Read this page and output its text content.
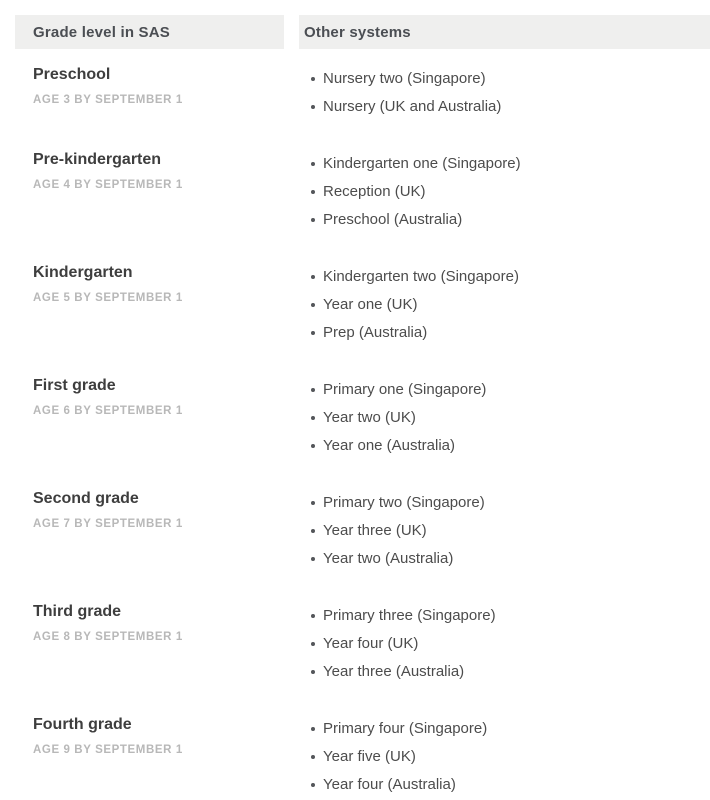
Grade level in SAS	Other systems
Preschool
AGE 3 BY SEPTEMBER 1
Nursery two (Singapore)
Nursery (UK and Australia)
Pre-kindergarten
AGE 4 BY SEPTEMBER 1
Kindergarten one (Singapore)
Reception (UK)
Preschool (Australia)
Kindergarten
AGE 5 BY SEPTEMBER 1
Kindergarten two (Singapore)
Year one (UK)
Prep (Australia)
First grade
AGE 6 BY SEPTEMBER 1
Primary one (Singapore)
Year two (UK)
Year one (Australia)
Second grade
AGE 7 BY SEPTEMBER 1
Primary two (Singapore)
Year three (UK)
Year two (Australia)
Third grade
AGE 8 BY SEPTEMBER 1
Primary three (Singapore)
Year four (UK)
Year three (Australia)
Fourth grade
AGE 9 BY SEPTEMBER 1
Primary four (Singapore)
Year five (UK)
Year four (Australia)
